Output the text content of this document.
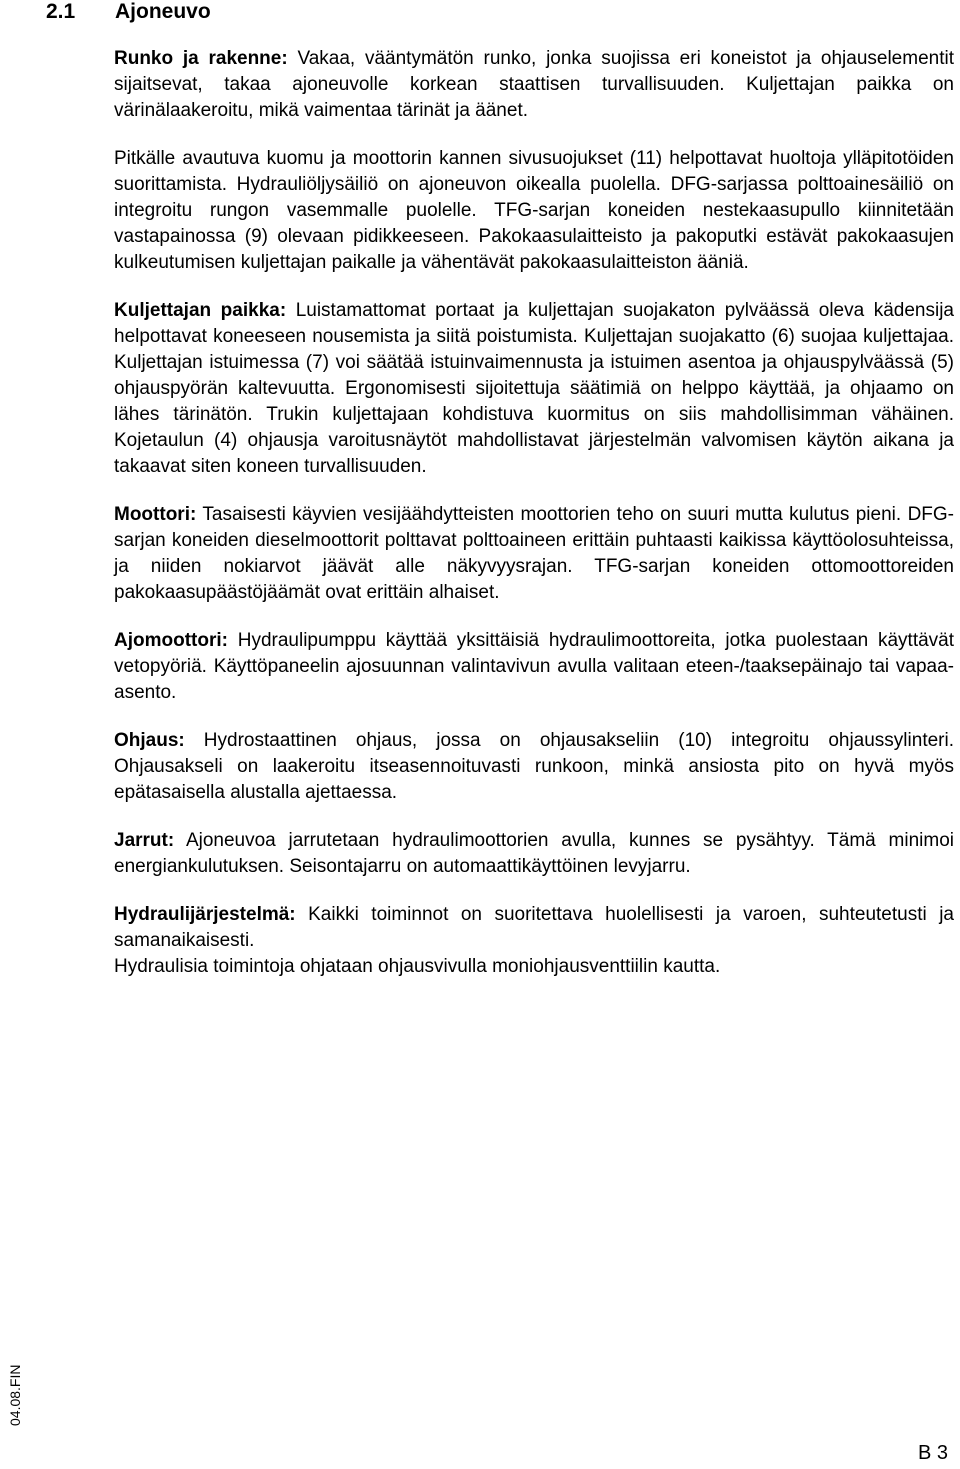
2.1 Ajoneuvo

Runko ja rakenne: Vakaa, vääntymätön runko, jonka suojissa eri koneistot ja ohjauselementit sijaitsevat, takaa ajoneuvolle korkean staattisen turvallisuuden. Kuljettajan paikka on värinälaakeroitu, mikä vaimentaa tärinät ja äänet.

Pitkälle avautuva kuomu ja moottorin kannen sivusuojukset (11) helpottavat huoltoja ylläpitotöiden suorittamista. Hydrauliöljysäiliö on ajoneuvon oikealla puolella. DFG-sarjassa polttoainesäiliö on integroitu rungon vasemmalle puolelle. TFG-sarjan koneiden nestekaasupullo kiinnitetään vastapainossa (9) olevaan pidikkeeseen. Pakokaasulaitteisto ja pakoputki estävät pakokaasujen kulkeutumisen kuljettajan paikalle ja vähentävät pakokaasulaitteiston ääniä.

Kuljettajan paikka: Luistamattomat portaat ja kuljettajan suojakaton pylväässä oleva kädensija helpottavat koneeseen nousemista ja siitä poistumista. Kuljettajan suojakatto (6) suojaa kuljettajaa. Kuljettajan istuimessa (7) voi säätää istuinvaimennusta ja istuimen asentoa ja ohjauspylväässä (5) ohjauspyörän kaltevuutta. Ergonomisesti sijoitettuja säätimiä on helppo käyttää, ja ohjaamo on lähes tärinätön. Trukin kuljettajaan kohdistuva kuormitus on siis mahdollisimman vähäinen. Kojetaulun (4) ohjausja varoitusnäytöt mahdollistavat järjestelmän valvomisen käytön aikana ja takaavat siten koneen turvallisuuden.

Moottori: Tasaisesti käyvien vesijäähdytteisten moottorien teho on suuri mutta kulutus pieni. DFG-sarjan koneiden dieselmoottorit polttavat polttoaineen erittäin puhtaasti kaikissa käyttöolosuhteissa, ja niiden nokiarvot jäävät alle näkyvyysrajan. TFG-sarjan koneiden ottomoottoreiden pakokaasupäästöjäämät ovat erittäin alhaiset.

Ajomoottori: Hydraulipumppu käyttää yksittäisiä hydraulimoottoreita, jotka puolestaan käyttävät vetopyöriä. Käyttöpaneelin ajosuunnan valintavivun avulla valitaan eteen-/taaksepäinajo tai vapaa-asento.

Ohjaus: Hydrostaattinen ohjaus, jossa on ohjausakseliin (10) integroitu ohjaussylinteri. Ohjausakseli on laakeroitu itseasennoituvasti runkoon, minkä ansiosta pito on hyvä myös epätasaisella alustalla ajettaessa.

Jarrut: Ajoneuvoa jarrutetaan hydraulimoottorien avulla, kunnes se pysähtyy. Tämä minimoi energiankulutuksen. Seisontajarru on automaattikäyttöinen levyjarru.

Hydraulijärjestelmä: Kaikki toiminnot on suoritettava huolellisesti ja varoen, suhteutetusti ja samanaikaisesti.

Hydraulisia toimintoja ohjataan ohjausvivulla moniohjausventtiilin kautta.

04.08.FIN
B 3
